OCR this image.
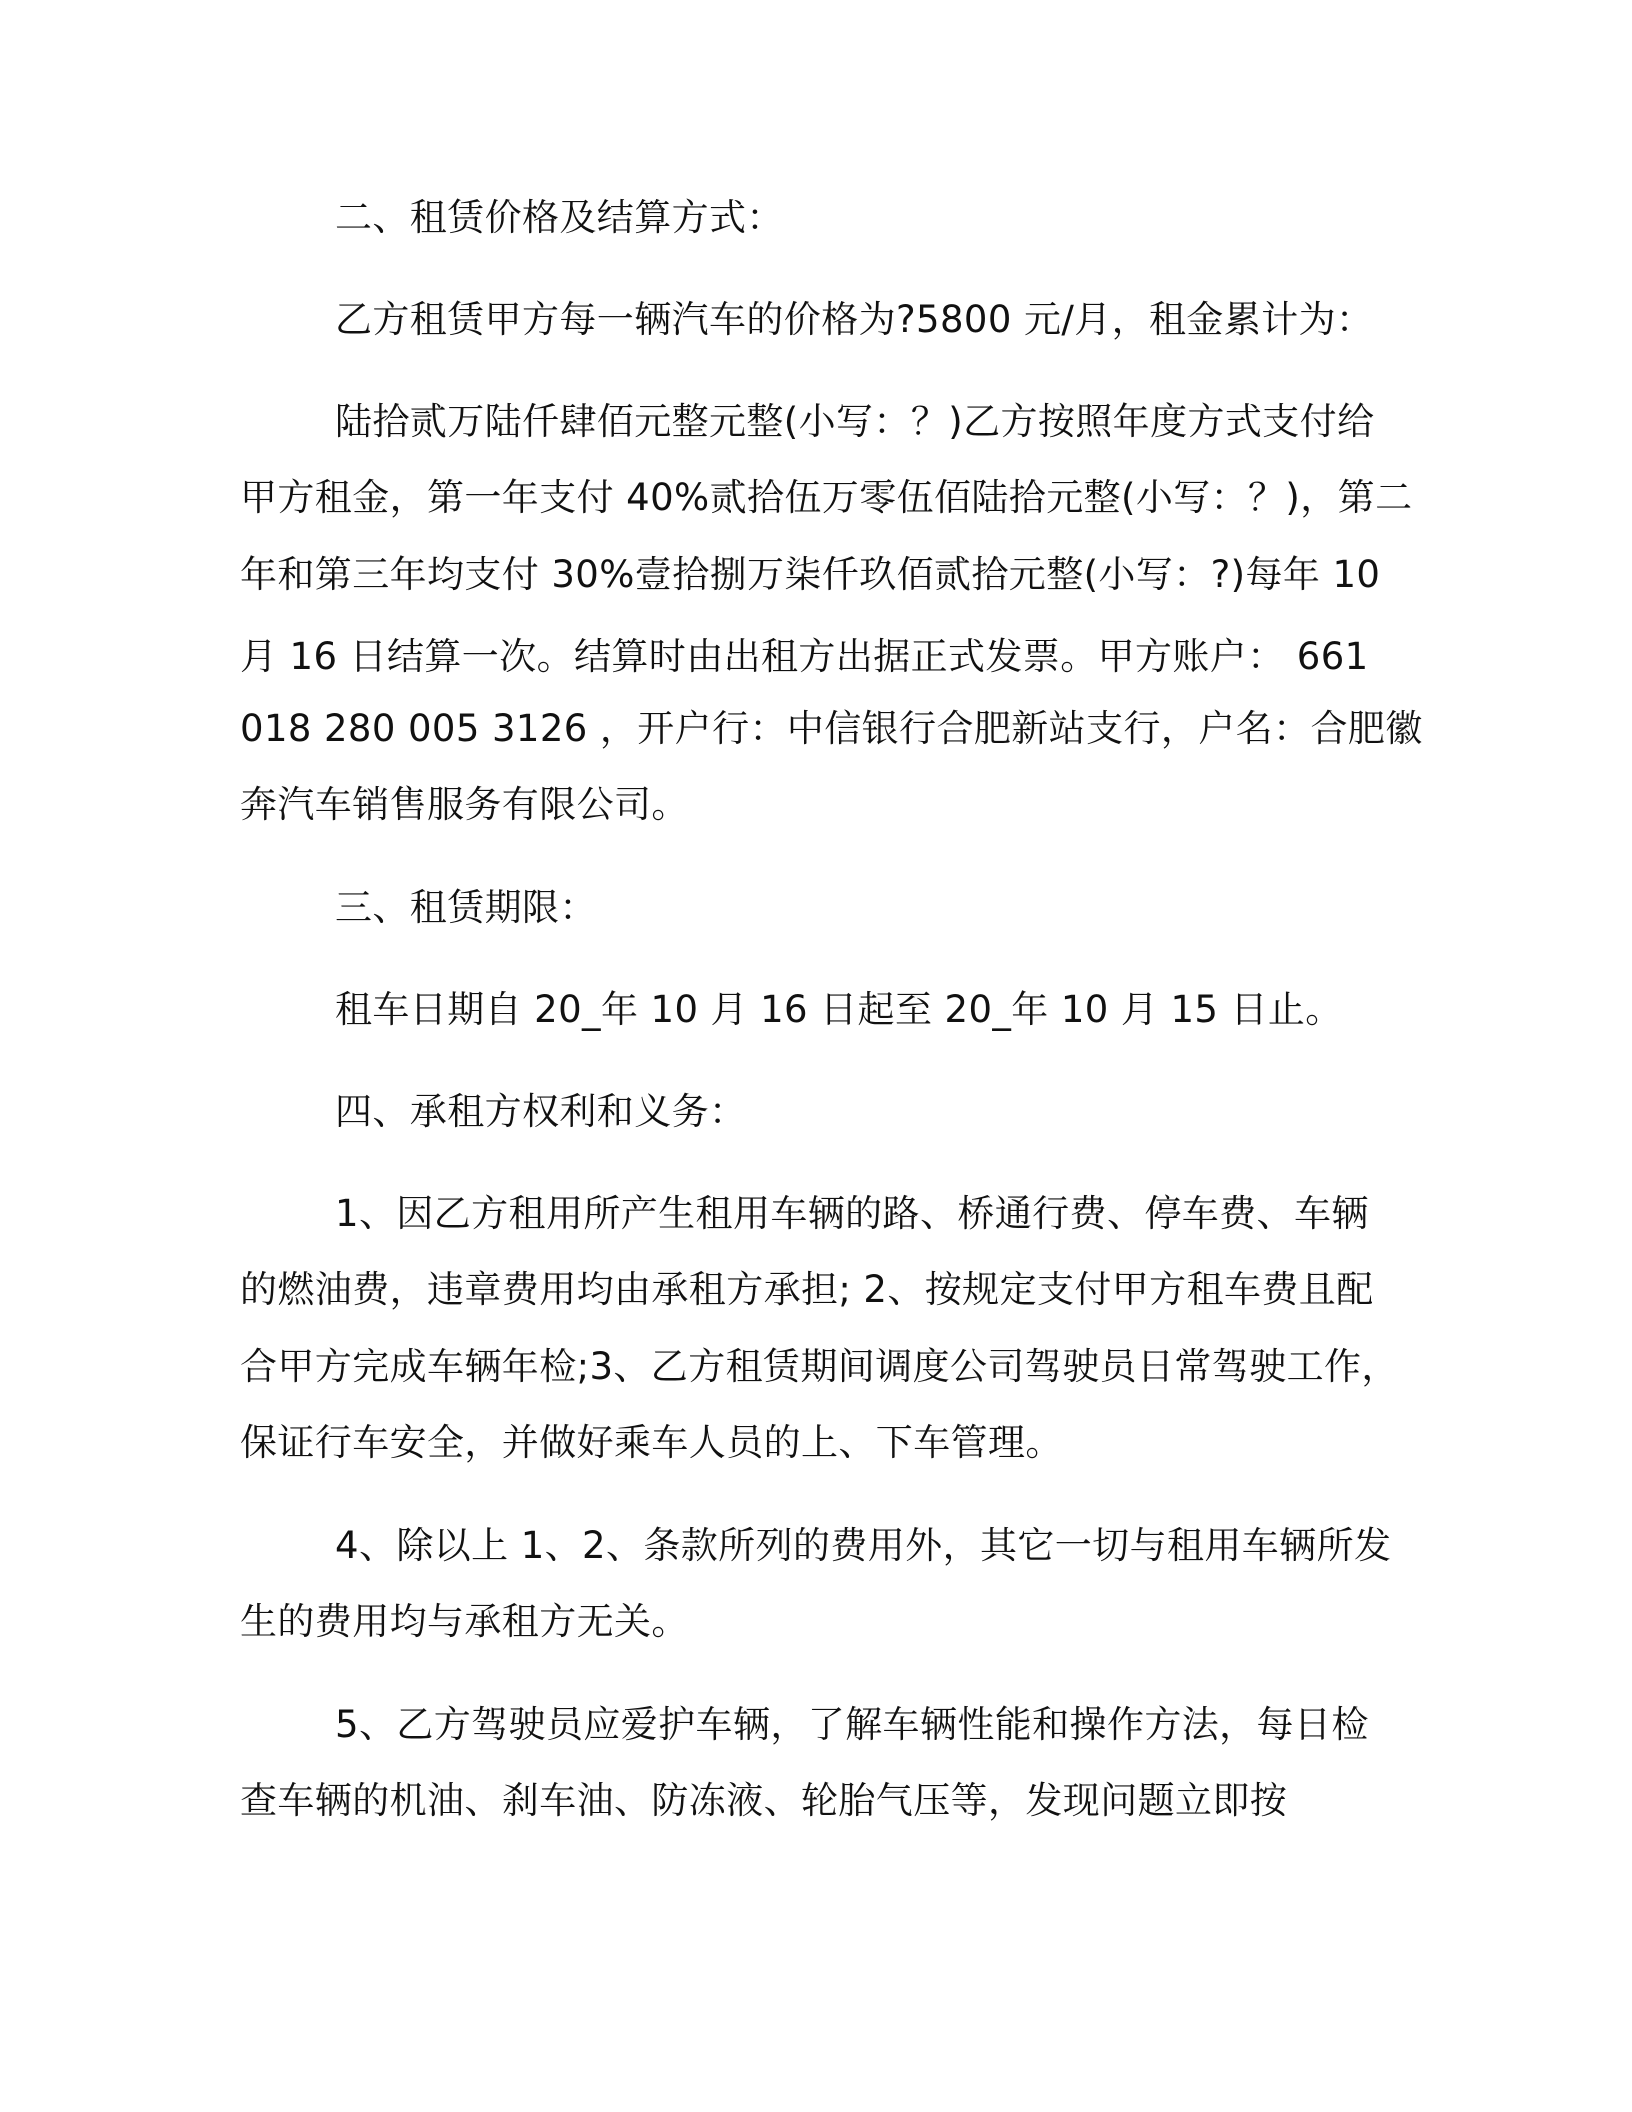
二、租赁价格及结算方式：

乙方租赁甲方每一辆汽车的价格为?5800 元/月，租金累计为：

陆拾贰万陆仟肆佰元整元整(小写：？)乙方按照年度方式支付给

甲方租金，第一年支付 40%贰拾伍万零伍佰陆拾元整(小写：？)，第二

年和第三年均支付 30%壹拾捌万柒仟玖佰贰拾元整(小写：?)每年 10

月 16 日结算一次。结算时由出租方出据正式发票。甲方账户： 661

018 280 005 3126 ，开户行：中信银行合肥新站支行，户名：合肥徽

奔汽车销售服务有限公司。

三、租赁期限：

租车日期自 20_年 10 月 16 日起至 20_年 10 月 15 日止。

四、承租方权利和义务：

1、因乙方租用所产生租用车辆的路、桥通行费、停车费、车辆

的燃油费，违章费用均由承租方承担; 2、按规定支付甲方租车费且配

合甲方完成车辆年检;3、乙方租赁期间调度公司驾驶员日常驾驶工作，

保证行车安全，并做好乘车人员的上、下车管理。

4、除以上 1、2、条款所列的费用外，其它一切与租用车辆所发

生的费用均与承租方无关。

5、乙方驾驶员应爱护车辆，了解车辆性能和操作方法，每日检

查车辆的机油、刹车油、防冻液、轮胎气压等，发现问题立即按
